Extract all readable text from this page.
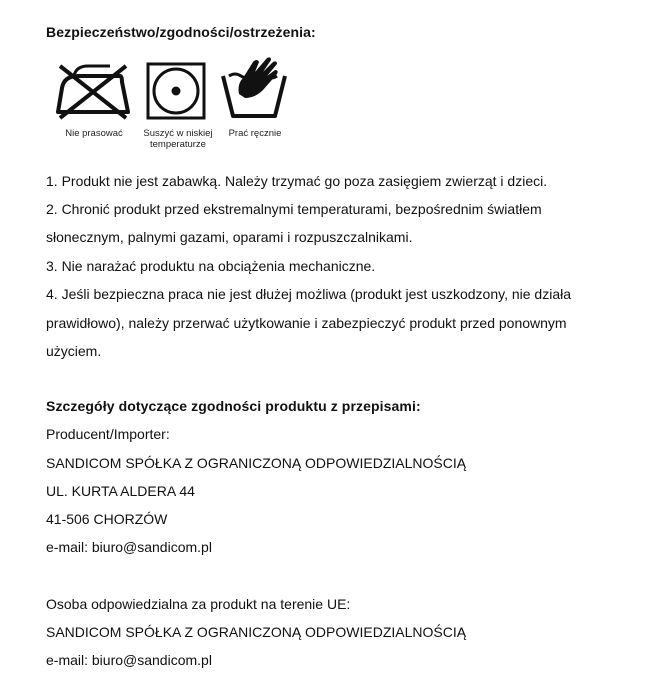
Bezpieczeństwo/zgodności/ostrzeżenia:
Nie prasować	Suszyć w niskiej
temperaturze
Prać ręcznie
1. Produkt nie jest zabawką. Należy trzymać go poza zasięgiem zwierząt i dzieci.
2. Chronić produkt przed ekstremalnymi temperaturami, bezpośrednim światłem
słonecznym, palnymi gazami, oparami i rozpuszczalnikami.
3. Nie narażać produktu na obciążenia mechaniczne.
4. Jeśli bezpieczna praca nie jest dłużej możliwa (produkt jest uszkodzony, nie działa
prawidłowo), należy przerwać użytkowanie i zabezpieczyć produkt przed ponownym
użyciem.
Szczegóły dotyczące zgodności produktu z przepisami:
Producent/Importer:
SANDICOM SPÓŁKA Z OGRANICZONĄ ODPOWIEDZIALNOŚCIĄ
UL. KURTA ALDERA 44
41-506 CHORZÓW
e-mail: biuro@sandicom.pl
Osoba odpowiedzialna za produkt na terenie UE:
SANDICOM SPÓŁKA Z OGRANICZONĄ ODPOWIEDZIALNOŚCIĄ
e-mail: biuro@sandicom.pl
